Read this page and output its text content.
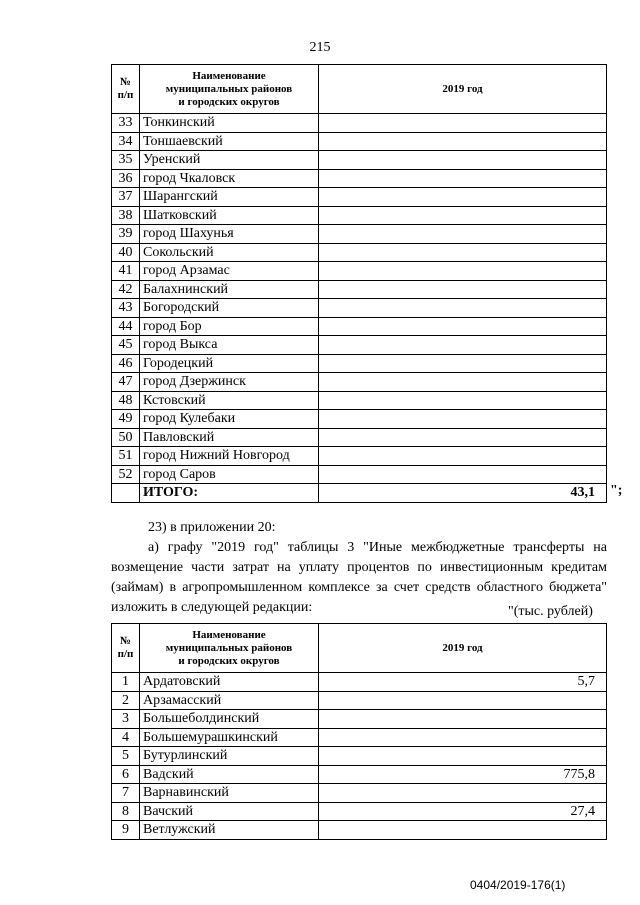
215
№
п/п	Наименование
муниципальных районов
и городских округов	2019 год
33	Тонкинский	
34	Тоншаевский	
35	Уренский	
36	город Чкаловск	
37	Шарангский	
38	Шатковский	
39	город Шахунья	
40	Сокольский	
41	город Арзамас	
42	Балахнинский	
43	Богородский	
44	город Бор	
45	город Выкса	
46	Городецкий	
47	город Дзержинск	
48	Кстовский	
49	город Кулебаки	
50	Павловский	
51	город Нижний Новгород	
52	город Саров	
	ИТОГО:	43,1 ";
23) в приложении 20:
а) графу "2019 год" таблицы 3 "Иные межбюджетные трансферты на возмещение части затрат на уплату процентов по инвестиционным кредитам (займам) в агропромышленном комплексе за счет средств областного бюджета" изложить в следующей редакции:	"(тыс. рублей)
№
п/п	Наименование
муниципальных районов
и городских округов	2019 год
1	Ардатовский	5,7
2	Арзамасский	
3	Большеболдинский	
4	Большемурашкинский	
5	Бутурлинский	
6	Вадский	775,8
7	Варнавинский	
8	Вачский	27,4
9	Ветлужский	
0404/2019-176(1)
